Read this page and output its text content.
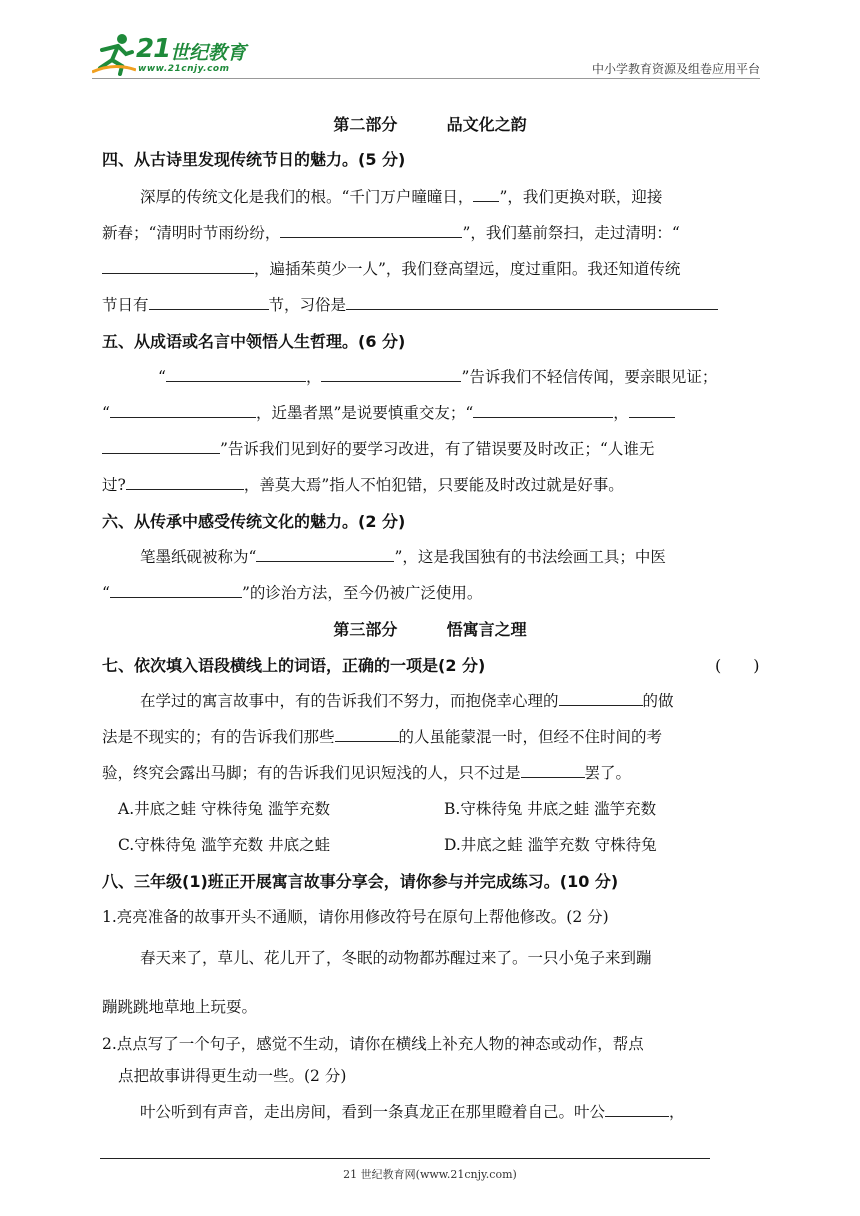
21 世纪教育
www.21cnjy.com	中小学教育资源及组卷应用平台
第二部分	品文化之韵
四、从古诗里发现传统节日的魅力。(5 分)
深厚的传统文化是我们的根。“千门万户曈曈日， ”，我们更换对联，迎接
新春；“清明时节雨纷纷，	”，我们墓前祭扫，走过清明：“
，遍插茱萸少一人”，我们登高望远，度过重阳。我还知道传统
节日有	节，习俗是
五、从成语或名言中领悟人生哲理。(6 分)
“	，	”告诉我们不轻信传闻，要亲眼见证；
“	，近墨者黑”是说要慎重交友；“	，
”告诉我们见到好的要学习改进，有了错误要及时改正；“人谁无
过?	，善莫大焉”指人不怕犯错，只要能及时改过就是好事。
六、从传承中感受传统文化的魅力。(2 分)
笔墨纸砚被称为“	”，这是我国独有的书法绘画工具；中医
“	”的诊治方法，至今仍被广泛使用。
第三部分	悟寓言之理
七、依次填入语段横线上的词语，正确的一项是(2 分)	(　　)
在学过的寓言故事中，有的告诉我们不努力，而抱侥幸心理的	的做
法是不现实的；有的告诉我们那些	的人虽能蒙混一时，但经不住时间的考
验，终究会露出马脚；有的告诉我们见识短浅的人，只不过是	罢了。
A.井底之蛙 守株待兔 滥竽充数	B.守株待兔 井底之蛙 滥竽充数
C.守株待兔 滥竽充数 井底之蛙	D.井底之蛙 滥竽充数 守株待兔
八、三年级(1)班正开展寓言故事分享会，请你参与并完成练习。(10 分)
1.亮亮准备的故事开头不通顺，请你用修改符号在原句上帮他修改。(2 分)
春天来了，草儿、花儿开了，冬眠的动物都苏醒过来了。一只小兔子来到蹦
蹦跳跳地草地上玩耍。
2.点点写了一个句子，感觉不生动，请你在横线上补充人物的神态或动作，帮点
点把故事讲得更生动一些。(2 分)
叶公听到有声音，走出房间，看到一条真龙正在那里瞪着自己。叶公	，
21 世纪教育网(www.21cnjy.com)
